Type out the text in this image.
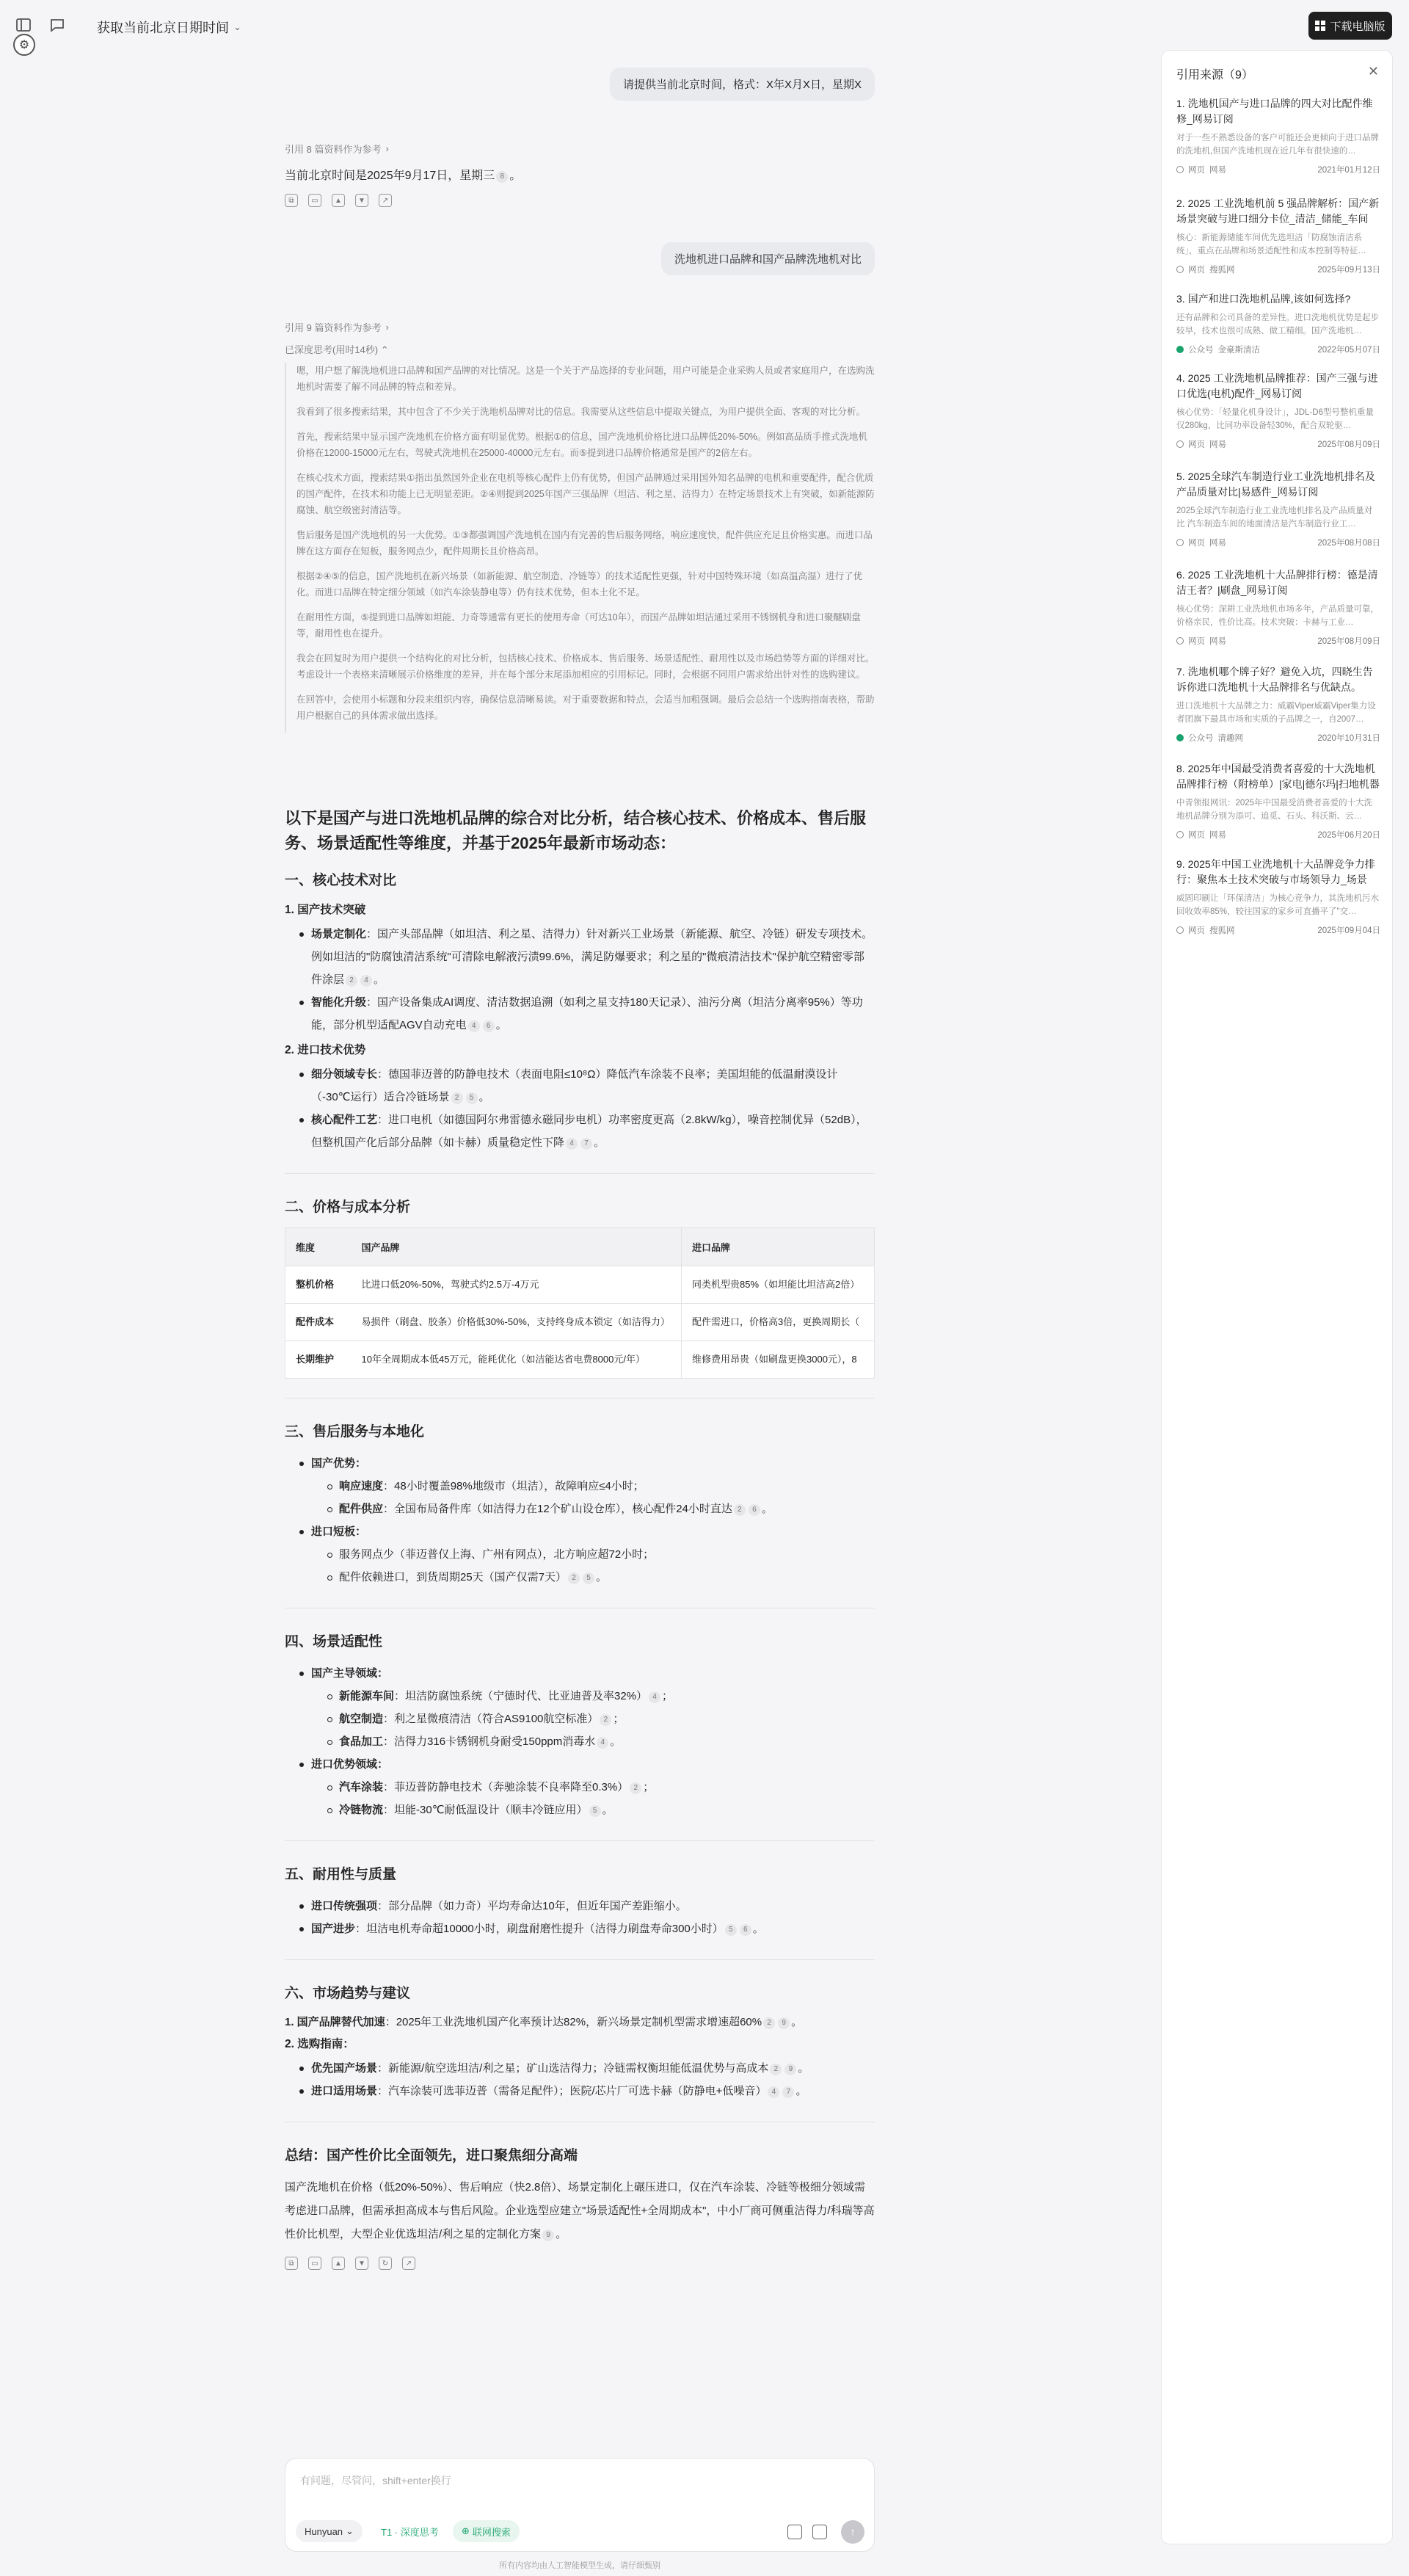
获取当前北京日期时间 ⌄
⚙
下载电脑版
请提供当前北京时间，格式：X年X月X日，星期X
引用 8 篇资料作为参考 ›
当前北京时间是2025年9月17日，星期三 8 。
⧉	▭	▲	▼	↗
洗地机进口品牌和国产品牌洗地机对比
引用 9 篇资料作为参考 ›
已深度思考(用时14秒) ⌃

嗯，用户想了解洗地机进口品牌和国产品牌的对比情况。这是一个关于产品选择的专业问题，用户可能是企业采购人员或者家庭用户，在选购洗地机时需要了解不同品牌的特点和差异。

我看到了很多搜索结果，其中包含了不少关于洗地机品牌对比的信息。我需要从这些信息中提取关键点，为用户提供全面、客观的对比分析。

首先，搜索结果中显示国产洗地机在价格方面有明显优势。根据①的信息，国产洗地机价格比进口品牌低20%-50%。例如高品质手推式洗地机价格在12000-15000元左右，驾驶式洗地机在25000-40000元左右。而⑤提到进口品牌价格通常是国产的2倍左右。

在核心技术方面，搜索结果①指出虽然国外企业在电机等核心配件上仍有优势，但国产品牌通过采用国外知名品牌的电机和重要配件，配合优质的国产配件，在技术和功能上已无明显差距。②④则提到2025年国产三强品牌（坦洁、利之星、洁得力）在特定场景技术上有突破，如新能源防腐蚀、航空级密封清洁等。

售后服务是国产洗地机的另一大优势。①③都强调国产洗地机在国内有完善的售后服务网络，响应速度快，配件供应充足且价格实惠。而进口品牌在这方面存在短板，服务网点少，配件周期长且价格高昂。

根据②④⑤的信息，国产洗地机在新兴场景（如新能源、航空制造、冷链等）的技术适配性更强，针对中国特殊环境（如高温高湿）进行了优化。而进口品牌在特定细分领域（如汽车涂装静电等）仍有技术优势，但本土化不足。

在耐用性方面，⑤提到进口品牌如坦能、力奇等通常有更长的使用寿命（可达10年），而国产品牌如坦洁通过采用不锈钢机身和进口聚醚刷盘等，耐用性也在提升。

我会在回复时为用户提供一个结构化的对比分析，包括核心技术、价格成本、售后服务、场景适配性、耐用性以及市场趋势等方面的详细对比。考虑设计一个表格来清晰展示价格维度的差异，并在每个部分末尾添加相应的引用标记。同时，会根据不同用户需求给出针对性的选购建议。

在回答中，会使用小标题和分段来组织内容，确保信息清晰易读。对于重要数据和特点，会适当加粗强调。最后会总结一个选购指南表格，帮助用户根据自己的具体需求做出选择。

以下是国产与进口洗地机品牌的综合对比分析，结合核心技术、价格成本、售后服务、场景适配性等维度，并基于2025年最新市场动态：
一、核心技术对比
1. 国产技术突破
场景定制化：国产头部品牌（如坦洁、利之星、洁得力）针对新兴工业场景（新能源、航空、冷链）研发专项技术。例如坦洁的"防腐蚀清洁系统"可清除电解液污渍99.6%，满足防爆要求；利之星的"微痕清洁技术"保护航空精密零部件涂层 2 4 。
智能化升级：国产设备集成AI调度、清洁数据追溯（如利之星支持180天记录）、油污分离（坦洁分离率95%）等功能，部分机型适配AGV自动充电 4 6 。
2. 进口技术优势
细分领域专长：德国菲迈普的防静电技术（表面电阻≤10⁸Ω）降低汽车涂装不良率；美国坦能的低温耐漠设计（-30℃运行）适合冷链场景 2 5 。
核心配件工艺：进口电机（如德国阿尔弗雷德永磁同步电机）功率密度更高（2.8kW/kg），噪音控制优异（52dB），但整机国产化后部分品牌（如卡赫）质量稳定性下降 4 7 。
二、价格与成本分析
维度	国产品牌	进口品牌
整机价格	比进口低20%-50%，驾驶式约2.5万-4万元	同类机型贵85%（如坦能比坦洁高2倍）
配件成本	易损件（刷盘、胶条）价格低30%-50%，支持终身成本锁定（如洁得力）	配件需进口，价格高3倍，更换周期长（
长期维护	10年全周期成本低45万元，能耗优化（如洁能达省电费8000元/年）	维修费用昂贵（如刷盘更换3000元），8
三、售后服务与本地化
国产优势：
响应速度：48小时覆盖98%地级市（坦洁），故障响应≤4小时；
配件供应：全国布局备件库（如洁得力在12个矿山设仓库），核心配件24小时直达 2 6 。
进口短板：
服务网点少（菲迈普仅上海、广州有网点），北方响应超72小时；
配件依赖进口，到货周期25天（国产仅需7天） 2 5 。
四、场景适配性
国产主导领域：
新能源车间：坦洁防腐蚀系统（宁德时代、比亚迪普及率32%） 4 ；
航空制造：利之星微痕清洁（符合AS9100航空标准） 2 ；
食品加工：洁得力316卡锈钢机身耐受150ppm消毒水 4 。
进口优势领域：
汽车涂装：菲迈普防静电技术（奔驰涂装不良率降至0.3%） 2 ；
冷链物流：坦能-30℃耐低温设计（顺丰冷链应用） 5 。
五、耐用性与质量
进口传统强项：部分品牌（如力奇）平均寿命达10年，但近年国产差距缩小。
国产进步：坦洁电机寿命超10000小时，刷盘耐磨性提升（洁得力刷盘寿命300小时） 5 6 。
六、市场趋势与建议
1. 国产品牌替代加速：2025年工业洗地机国产化率预计达82%，新兴场景定制机型需求增速超60% 2 9 。
2. 选购指南：
优先国产场景：新能源/航空选坦洁/利之星；矿山选洁得力；冷链需权衡坦能低温优势与高成本 2 9 。
进口适用场景：汽车涂装可选菲迈普（需备足配件）；医院/芯片厂可选卡赫（防静电+低噪音） 4 7 。
总结：国产性价比全面领先，进口聚焦细分高端

国产洗地机在价格（低20%-50%）、售后响应（快2.8倍）、场景定制化上碾压进口，仅在汽车涂装、冷链等极细分领域需考虑进口品牌，但需承担高成本与售后风险。企业选型应建立"场景适配性+全周期成本"，中小厂商可侧重洁得力/科瑞等高性价比机型，大型企业优选坦洁/利之星的定制化方案 9 。

⧉	▭	▲	▼	↻	↗
有问题，尽管问，shift+enter换行
Hunyuan ⌄	T1 · 深度思考 ⊕ 联网搜索	↑
所有内容均由人工智能模型生成，请仔细甄别
引用来源（9）	✕
1. 洗地机国产与进口品牌的四大对比配件维修_网易订阅
对于一些不熟悉设备的客户可能还会更倾向于进口品牌的洗地机,但国产洗地机现在近几年有很快速的…
网页 网易	2021年01月12日
2. 2025 工业洗地机前 5 强品牌解析：国产新场景突破与进口细分卡位_清洁_储能_车间
核心：新能源储能车间优先选坦洁「防腐蚀清洁系统」，重点在品牌和场景适配性和成本控制等特征…
网页 搜狐网	2025年09月13日
3. 国产和进口洗地机品牌,该如何选择?
还有品牌和公司具备的差异性。进口洗地机优势是起步较早，技术也很可成熟、做工精细。国产洗地机…
公众号 金豪斯清洁	2022年05月07日
4. 2025 工业洗地机品牌推荐：国产三强与进口优选(电机)配件_网易订阅
核心优势：「轻量化机身设计」，JDL-D6型号整机重量仅280kg，比同功率设备轻30%，配合双轮驱…
网页 网易	2025年08月09日
5. 2025全球汽车制造行业工业洗地机排名及产品质量对比|易感件_网易订阅
2025全球汽车制造行业工业洗地机排名及产品质量对比 汽车制造车间的地面清洁是汽车制造行业工…
网页 网易	2025年08月08日
6. 2025 工业洗地机十大品牌排行榜：德是清洁王者？|刷盘_网易订阅
核心优势：深耕工业洗地机市场多年，产品质量可靠，价格亲民，性价比高。技术突破：卡赫与工业…
网页 网易	2025年08月09日
7. 洗地机哪个牌子好？避免入坑，四晓生告诉你进口洗地机十大品牌排名与优缺点。
进口洗地机十大品牌之力：威霸Viper威霸Viper集力设者团旗下最具市场和实质的子品牌之一，自2007…
公众号 清趣网	2020年10月31日
8. 2025年中国最受消费者喜爱的十大洗地机品牌排行榜（附榜单）|家电|德尔玛|扫地机器
中青领报网讯：2025年中国最受消费者喜爱的十大洗地机品牌分别为添可、追觅、石头、科沃斯、云…
网页 网易	2025年06月20日
9. 2025年中国工业洗地机十大品牌竞争力排行：聚焦本土技术突破与市场领导力_场景
威固印刷让「环保清洁」为核心竞争力，其洗地机污水回收效率85%，较往国家的家乡可直播平了"交…
网页 搜狐网	2025年09月04日
